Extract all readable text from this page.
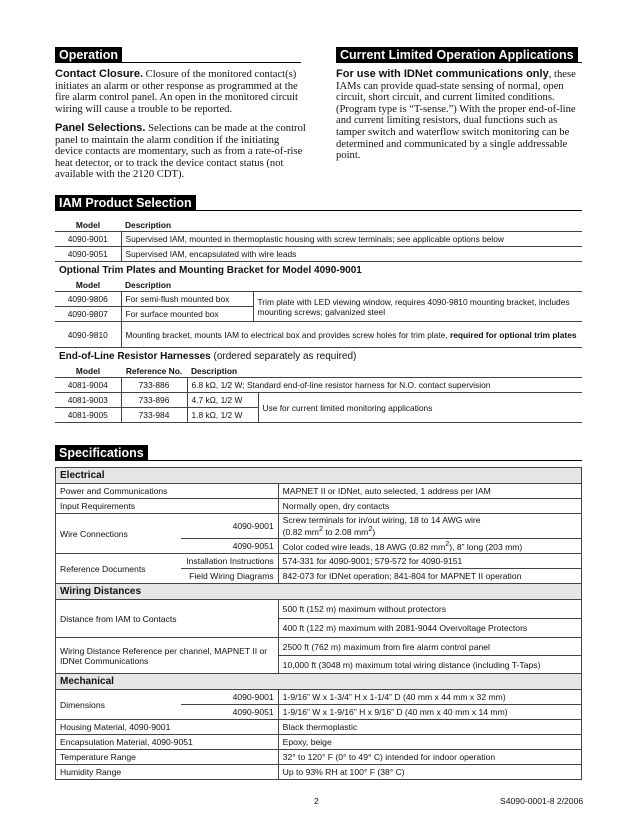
Operation
Contact Closure. Closure of the monitored contact(s) initiates an alarm or other response as programmed at the fire alarm control panel. An open in the monitored circuit wiring will cause a trouble to be reported.
Panel Selections. Selections can be made at the control panel to maintain the alarm condition if the initiating device contacts are momentary, such as from a rate-of-rise heat detector, or to track the device contact status (not available with the 2120 CDT).
Current Limited Operation Applications
For use with IDNet communications only, these IAMs can provide quad-state sensing of normal, open circuit, short circuit, and current limited conditions. (Program type is “T-sense.”) With the proper end-of-line and current limiting resistors, dual functions such as tamper switch and waterflow switch monitoring can be determined and communicated by a single addressable point.
IAM Product Selection
Model	Description
4090-9001	Supervised IAM, mounted in thermoplastic housing with screw terminals; see applicable options below
4090-9051	Supervised IAM, encapsulated with wire leads
Optional Trim Plates and Mounting Bracket for Model 4090-9001
Model	Description	
4090-9806	For semi-flush mounted box	Trim plate with LED viewing window, requires 4090-9810 mounting bracket, includes mounting screws; galvanized steel
4090-9807	For surface mounted box	
4090-9810	Mounting bracket, mounts IAM to electrical box and provides screw holes for trim plate, required for optional trim plates	
End-of-Line Resistor Harnesses (ordered separately as required)
Model	Reference No.	Description	
4081-9004	733-886	6.8 kΩ, 1/2 W; Standard end-of-line resistor harness for N.O. contact supervision	
4081-9003	733-896	4.7 kΩ, 1/2 W	Use for current limited monitoring applications
4081-9005	733-984	1.8 kΩ, 1/2 W	
Specifications
Electrical		
Power and Communications		MAPNET II or IDNet, auto selected, 1 address per IAM
Input Requirements		Normally open, dry contacts
Wire Connections	4090-9001	Screw terminals for in/out wiring, 18 to 14 AWG wire
(0.82 $mm^2$ to 2.08 $mm^2$)
	4090-9051	Color coded wire leads, 18 AWG (0.82 $mm^2$), 8” long (203 mm)
Reference Documents	Installation Instructions	574-331 for 4090-9001; 579-572 for 4090-9151
	Field Wiring Diagrams	842-073 for IDNet operation; 841-804 for MAPNET II operation
Wiring Distances		
Distance from IAM to Contacts		500 ft (152 m) maximum without protectors
		400 ft (122 m) maximum with 2081-9044 Overvoltage Protectors
Wiring Distance Reference per channel, MAPNET II or IDNet Communications		2500 ft (762 m) maximum from fire alarm control panel
		10,000 ft (3048 m) maximum total wiring distance (including T-Taps)
Mechanical		
Dimensions	4090-9001	1-9/16” W x 1-3/4” H x 1-1/4” D (40 mm x 44 mm x 32 mm)
	4090-9051	1-9/16” W x 1-9/16” H x 9/16” D (40 mm x 40 mm x 14 mm)
Housing Material, 4090-9001		Black thermoplastic
Encapsulation Material, 4090-9051		Epoxy, beige
Temperature Range		32° to 120° F (0° to 49° C) intended for indoor operation
Humidity Range		Up to 93% RH at 100° F (38° C)
2	S4090-0001-8 2/2006
